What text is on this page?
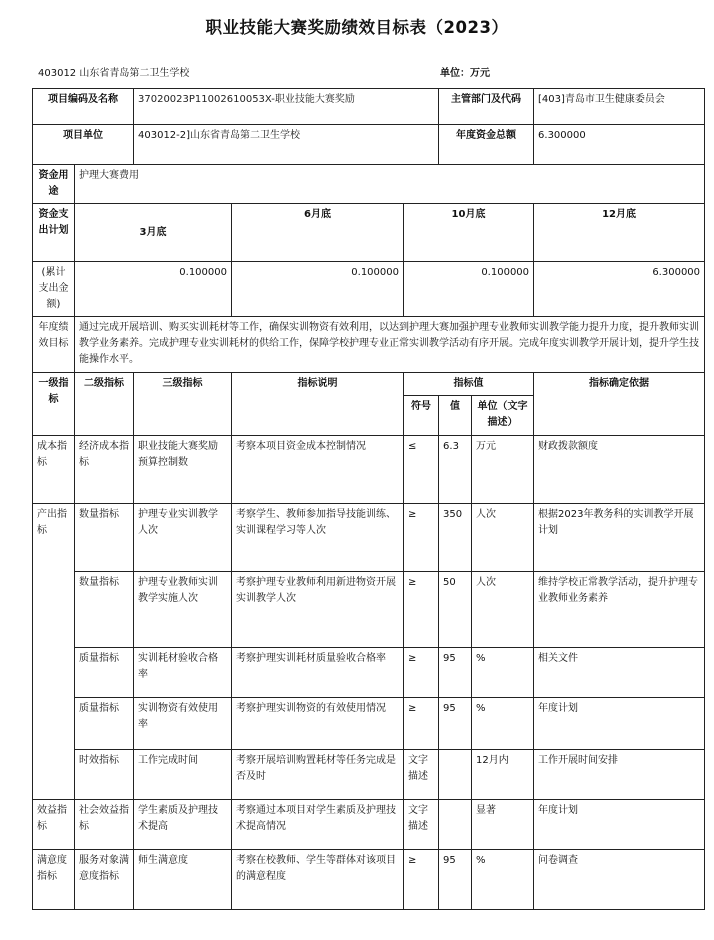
职业技能大赛奖励绩效目标表（2023）
403012 山东省青岛第二卫生学校	单位：万元
项目编码及名称		37020023P11002610053X-职业技能大赛奖励			主管部门及代码		[403]青岛市卫生健康委员会
项目单位		403012-2]山东省青岛第二卫生学校			年度资金总额		6.300000
资金用途	护理大赛费用						
资金支出计划	3月底		6月底	10月底			12月底
(累计支出金额)	0.100000		0.100000	0.100000			6.300000
年度绩效目标	通过完成开展培训、购买实训耗材等工作，确保实训物资有效利用，以达到护理大赛加强护理专业教师实训教学能力提升力度，提升教师实训教学业务素养。完成护理专业实训耗材的供给工作，保障学校护理专业正常实训教学活动有序开展。完成年度实训教学开展计划，提升学生技能操作水平。						
一级指标	二级指标	三级指标	指标说明	指标值			指标确定依据
				符号	值	单位（文字描述）	
成本指标	经济成本指标	职业技能大赛奖励预算控制数	考察本项目资金成本控制情况	≤	6.3	万元	财政拨款额度
产出指标	数量指标	护理专业实训教学人次	考察学生、教师参加指导技能训练、实训课程学习等人次	≥	350	人次	根据2023年教务科的实训教学开展计划
	数量指标	护理专业教师实训教学实施人次	考察护理专业教师利用新进物资开展实训教学人次	≥	50	人次	维持学校正常教学活动，提升护理专业教师业务素养
	质量指标	实训耗材验收合格率	考察护理实训耗材质量验收合格率	≥	95	%	相关文件
	质量指标	实训物资有效使用率	考察护理实训物资的有效使用情况	≥	95	%	年度计划
	时效指标	工作完成时间	考察开展培训购置耗材等任务完成是否及时	文字描述		12月内	工作开展时间安排
效益指标	社会效益指标	学生素质及护理技术提高	考察通过本项目对学生素质及护理技术提高情况	文字描述		显著	年度计划
满意度指标	服务对象满意度指标	师生满意度	考察在校教师、学生等群体对该项目的满意程度	≥	95	%	问卷调查
